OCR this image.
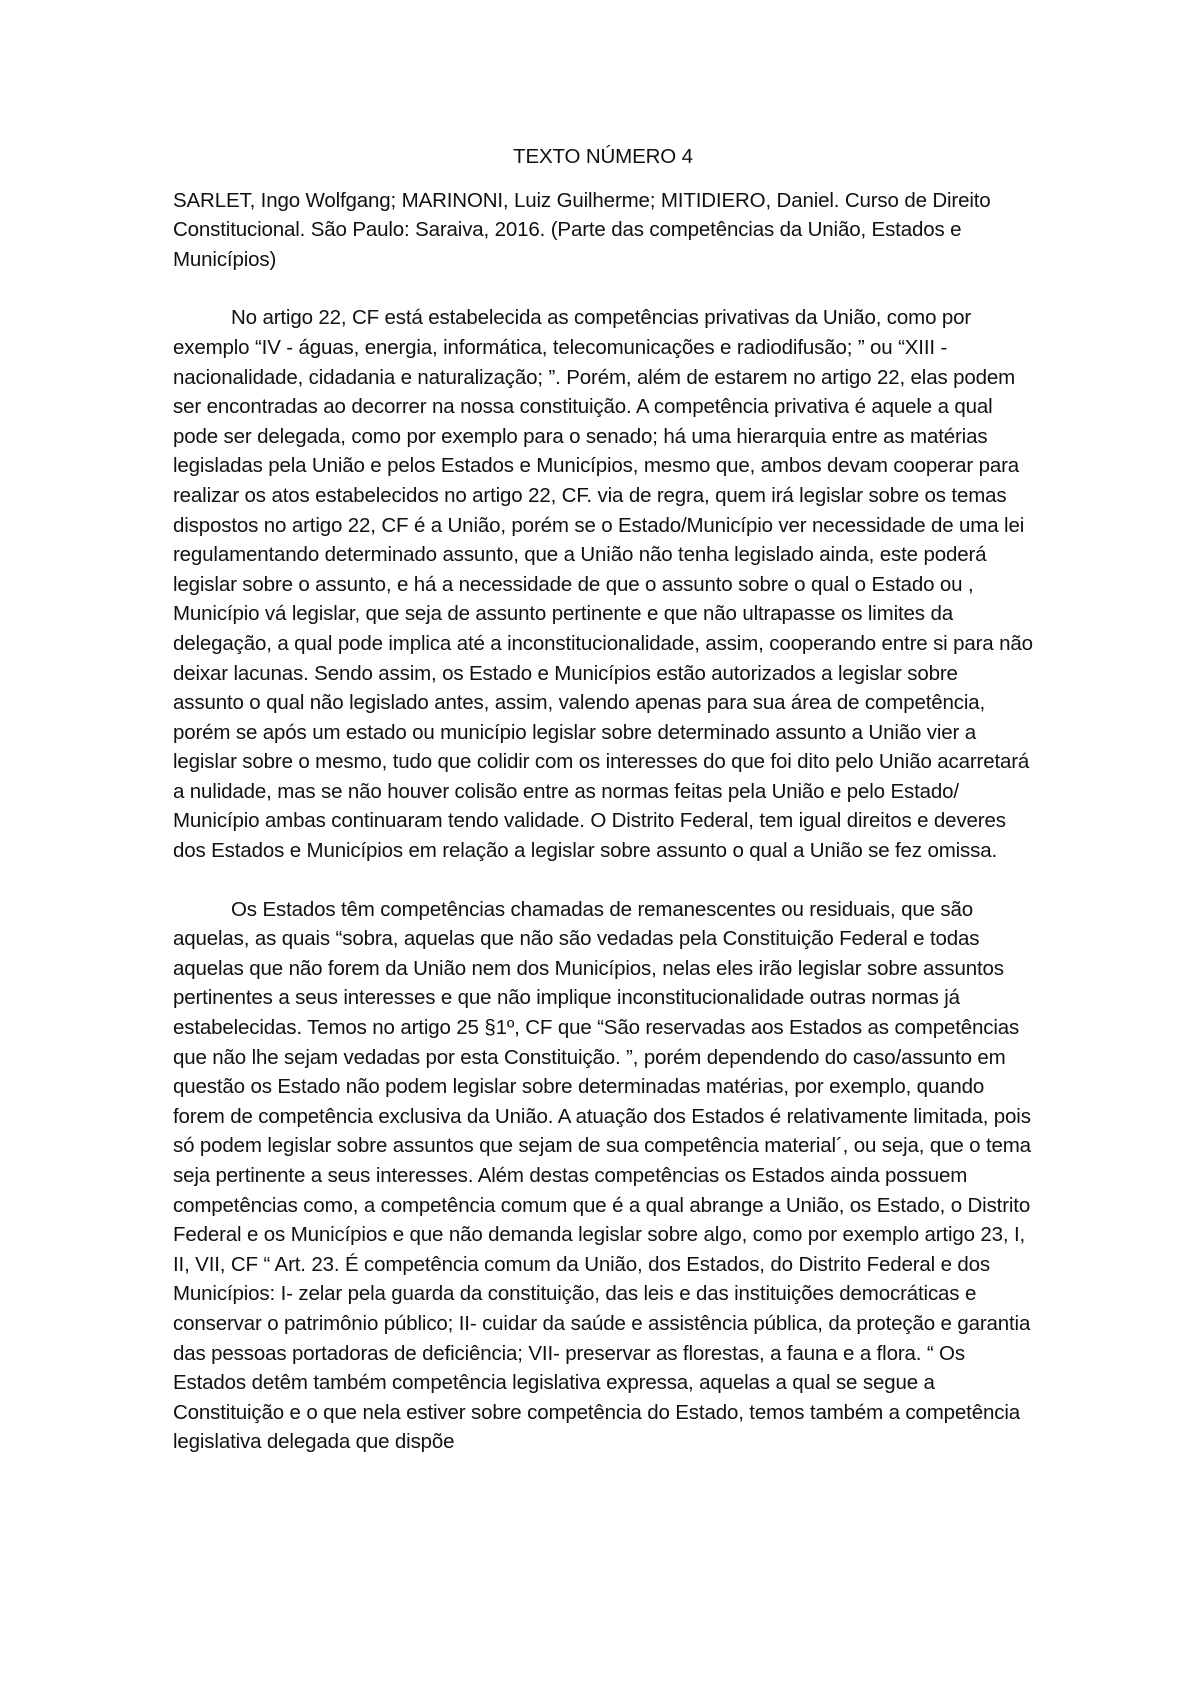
TEXTO NÚMERO 4

SARLET, Ingo Wolfgang; MARINONI, Luiz Guilherme; MITIDIERO, Daniel. Curso de Direito Constitucional. São Paulo: Saraiva, 2016. (Parte das competências da União, Estados e Municípios)

No artigo 22, CF está estabelecida as competências privativas da União, como por exemplo “IV - águas, energia, informática, telecomunicações e radiodifusão; ” ou “XIII - nacionalidade, cidadania e naturalização; ”. Porém, além de estarem no artigo 22, elas podem ser encontradas ao decorrer na nossa constituição. A competência privativa é aquele a qual pode ser delegada, como por exemplo para o senado; há uma hierarquia entre as matérias legisladas pela União e pelos Estados e Municípios, mesmo que, ambos devam cooperar para realizar os atos estabelecidos no artigo 22, CF. via de regra, quem irá legislar sobre os temas dispostos no artigo 22, CF é a União, porém se o Estado/Município ver necessidade de uma lei regulamentando determinado assunto, que a União não tenha legislado ainda, este poderá legislar sobre o assunto, e há a necessidade de que o assunto sobre o qual o Estado ou , Município vá legislar, que seja de assunto pertinente e que não ultrapasse os limites da delegação, a qual pode implica até a inconstitucionalidade, assim, cooperando entre si para não deixar lacunas. Sendo assim, os Estado e Municípios estão autorizados a legislar sobre assunto o qual não legislado antes, assim, valendo apenas para sua área de competência, porém se após um estado ou município legislar sobre determinado assunto a União vier a legislar sobre o mesmo, tudo que colidir com os interesses do que foi dito pelo União acarretará a nulidade, mas se não houver colisão entre as normas feitas pela União e pelo Estado/ Município ambas continuaram tendo validade. O Distrito Federal, tem igual direitos e deveres dos Estados e Municípios em relação a legislar sobre assunto o qual a União se fez omissa.

Os Estados têm competências chamadas de remanescentes ou residuais, que são aquelas, as quais “sobra, aquelas que não são vedadas pela Constituição Federal e todas aquelas que não forem da União nem dos Municípios, nelas eles irão legislar sobre assuntos pertinentes a seus interesses e que não implique inconstitucionalidade outras normas já estabelecidas. Temos no artigo 25 §1º, CF que “São reservadas aos Estados as competências que não lhe sejam vedadas por esta Constituição. ”, porém dependendo do caso/assunto em questão os Estado não podem legislar sobre determinadas matérias, por exemplo, quando forem de competência exclusiva da União. A atuação dos Estados é relativamente limitada, pois só podem legislar sobre assuntos que sejam de sua competência material´, ou seja, que o tema seja pertinente a seus interesses. Além destas competências os Estados ainda possuem competências como, a competência comum que é a qual abrange a União, os Estado, o Distrito Federal e os Municípios e que não demanda legislar sobre algo, como por exemplo artigo 23, I, II, VII, CF “ Art. 23. É competência comum da União, dos Estados, do Distrito Federal e dos Municípios: I- zelar pela guarda da constituição, das leis e das instituições democráticas e conservar o patrimônio público; II- cuidar da saúde e assistência pública, da proteção e garantia das pessoas portadoras de deficiência; VII- preservar as florestas, a fauna e a flora. “ Os Estados detêm também competência legislativa expressa, aquelas a qual se segue a Constituição e o que nela estiver sobre competência do Estado, temos também a competência legislativa delegada que dispõe
